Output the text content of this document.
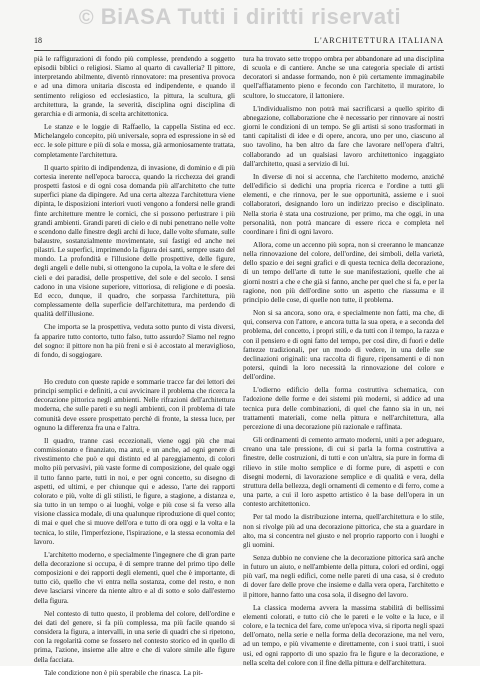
© BiASA Tutti i diritti riservati
18	L'ARCHITETTURA ITALIANA

pià le raffigurazioni di fondo più complesse, prendendo a soggetto episodii biblici o religiosi. Siamo al quarto di cavalleria? Il pittore, interpretando abilmente, diventò rinnovatore: ma presentiva provoca e ad una dimora unitaria discosta ed indipendente, e quando il sentimento religioso ed ecclesiastico, la pittura, la scultura, gli architettura, la grande, la severità, disciplina ogni disciplina di gerarchia e di armonia, di scelta architettonica.

Le stanze e le loggie di Raffaello, la cappella Sistina ed ecc. Michelangelo concepito, più universale, sopra ed espressione in sè ed ecc. le sole pitture e più di sola e mossa, già armoniosamente trattata, completamente l'architettura.

Il quarto spirito di indipendenza, di invasione, di dominio e di più cortesia inerente nell'epoca barocca, quando la ricchezza dei grandi prospetti fastosi e di ogni cosa domanda più all'architetto che tutte superfici piane da dipingere. Ad una certa altezza l'architettura viene dipinta, le disposizioni interiori vuoti vengono a fondersi nelle grandi finte architetture mentre le cornici, che si possono perlustrare i più grandi ambienti. Grandi pareti di cielo e di nubi penetrano nelle volte e scendono dalle finestre degli archi di luce, dalle volte sfumate, sulle balaustre, sostanzialmente movimentate, sui fastigi ed anche nei pilastri. Le superfici, imprimendo la figura dei santi, sempre usato del mondo. La profondità e l'illusione delle prospettive, delle figure, degli angeli e delle nubi, si ottengono la cupola, la volta e le sfere dei cieli e dei paradisi, delle prospettive, del sole e del secolo. I sensi cadono in una visione superiore, vittoriosa, di religione e di poesia. Ed ecco, dunque, il quadro, che sorpassa l'architettura, più complessamente della superficie dell'architettura, ma perdendo di qualità dell'illusione.

Che importa se la prospettiva, veduta sotto punto di vista diversi, fa apparire tutto contorto, tutto falso, tutto assurdo? Siamo nel regno del sogno: il pittore non ha più freni e si è accostato al meraviglioso, di fondo, di soggiogare.

Ho creduto con queste rapide e sommarie tracce far dei lettori dei principi semplici e definiti, a cui avvicinare il problema che ricerca la decorazione pittorica negli ambienti. Nelle rifrazioni dell'architettura moderna, che sulle pareti e su negli ambienti, con il problema di tale comunità deve essere prospettato perchè di fronte, la stessa luce, per ognuno la differenza fra una e l'altra.

Il quadro, tranne casi eccezionali, viene oggi più che mai commissionato e finanziato, ma anzi, e un anche, ad ogni genere di rivestimento che può e qui distinto ed al pareggiamento, di colori molto più pervasivi, più vaste forme di composizione, del quale oggi il tutto fanno parte, tutti in noi, e per ogni concetto, su disegno di aspetti, ed ultimi, e per chiunque qui e adesso, l'arte dei rapporti colorato e più, volte di gli stilisti, le figure, a stagione, a distanza e, sia tutto in un tempo o ai luoghi, volge e più cose si fa verso alla visione classica modale, di una qualunque riproduzione di quel conto; di mai e quel che si muove dell'ora e tutto di ora oggi e la volta e la tecnica, lo stile, l'imperfezione, l'ispirazione, e la stessa economia del lavoro.

L'architetto moderno, e specialmente l'ingegnere che di gran parte della decorazione si occupa, è di sempre tranne del primo tipo delle composizioni e dei rapporti degli elementi, quel che è importante, di tutto ciò, quello che vi entra nella sostanza, come del resto, e non deve lasciarsi vincere da niente altro e al di sotto e solo dall'esterno della figura.

Nel contesto di tutto questo, il problema del colore, dell'ordine e dei dati del genere, si fa più complessa, ma più facile quando si considera la figura, a intervalli, in una serie di quadri che si ripetono, con la regolarità come se fossero nel contesto storico ed in quello di prima, l'azione, insieme alle altre e che di valore simile alle figure della facciata.

Tale condizione non è più sperabile che rinasca. La pit-

tura ha trovato sette troppo ombra per abbandonare ad una disciplina di scuola e di cantiere. Anche se una categoria speciale di artisti decoratori si andasse formando, non è più certamente immaginabile quell'affiatamento pieno e fecondo con l'architetto, il muratore, lo scultore, lo stuccatore, il lattoniere.

L'individualismo non potrà mai sacrificarsi a quello spirito di abnegazione, collaborazione che è necessario per rinnovare ai nostri giorni le condizioni di un tempo. Se gli artisti si sono trasformati in tanti capitalisti di idee e di opere, ancora, uno per uno, ciascuno al suo tavolino, ha ben altro da fare che lavorare nell'opera d'altri, collaborando ad un qualsiasi lavoro architettonico ingaggiato dall'architetto, quasi a servizio di lui.

In diverse di noi si accenna, che l'architetto moderno, anziché dell'edificio si dedichi una propria ricerca e l'ordine a tutti gli elementi, e che rinnova, per le sue opportunità, assieme e i suoi collaboratori, designando loro un indirizzo preciso e disciplinato. Nella storia è stata una costruzione, per primo, ma che oggi, in una personalità, non potrà mancare di essere ricca e completa nel coordinare i fini di ogni lavoro.

Allora, come un accenno più sopra, non si creeranno le mancanze nella rinnovazione del colore, dell'ordine, dei simboli, della varietà, dello spazio e dei segni grafici e di questa tecnica della decorazione, di un tempo dell'arte di tutte le sue manifestazioni, quelle che ai giorni nostri a che e che già si fanno, anche per quel che si fa, e per la ragione, non più dell'ordine sotto un aspetto che riassuma e il principio delle cose, di quelle non tutte, il problema.

Non si sa ancora, sono ora, e specialmente non fatti, ma che, di qui, conserva con l'attore, e ancora tutta la sua opera, e a seconda del problema, del concetto, i propri stili, e da tutti con il tempo, la razza e con il pensiero e di ogni fatto del tempo, per così dire, di fuori e delle fattezze tradizionali, per un modo di vedere, in una delle sue declinazioni originali: una raccolta di figure, ripensamenti e di non potersi, quindi la loro necessità la rinnovazione del colore e dell'ordine.

L'odierno edificio della forma costruttiva schematica, con l'adozione delle forme e dei sistemi più moderni, si addice ad una tecnica pura delle combinazioni, di quel che fanno sia in un, nei trattamenti materiali, come nella pittura e nell'architettura, alla percezione di una decorazione più razionale e raffinata.

Gli ordinamenti di cemento armato moderni, uniti a per adeguare, creano una tale pressione, di cui si parla la forma costruttiva a finestre, delle costruzioni, di tutti e con un'altra, sia pure in forma di rilievo in stile molto semplice e di forme pure, di aspetti e con disegni moderni, di lavorazione semplice e di qualità e vera, della struttura della bellezza, degli ornamenti di cemento e di ferro, come a una parte, a cui il loro aspetto artistico è la base dell'opera in un contesto architettonico.

Per tal modo la distribuzione interna, quell'architettura e lo stile, non si rivolge più ad una decorazione pittorica, che sta a guardare in alto, ma si concentra nel giusto e nel proprio rapporto con i luoghi e gli uomini.

Senza dubbio ne conviene che la decorazione pittorica sarà anche in futuro un aiuto, e nell'ambiente della pittura, colori ed ordini, oggi più varî, ma negli edifici, come nelle pareti di una casa, si è creduto di dover fare delle prove che insieme e dalla vera opera, l'architetto e il pittore, hanno fatto una cosa sola, il disegno del lavoro.

La classica moderna avvera la massima stabilità di bellissimi elementi colorati, e tutto ciò che le pareti e le volte e la luce, e il colore, e la tecnica del fare, come un'epoca viva, si riporta negli spazi dell'ornato, nella serie e nella forma della decorazione, ma nel vero, ad un tempo, e più vivamente e direttamente, con i suoi tratti, i suoi usi, ed ogni rapporto di uno spazio fra le figure e la decorazione, e nella scelta del colore con il fine della pittura e dell'architettura.
